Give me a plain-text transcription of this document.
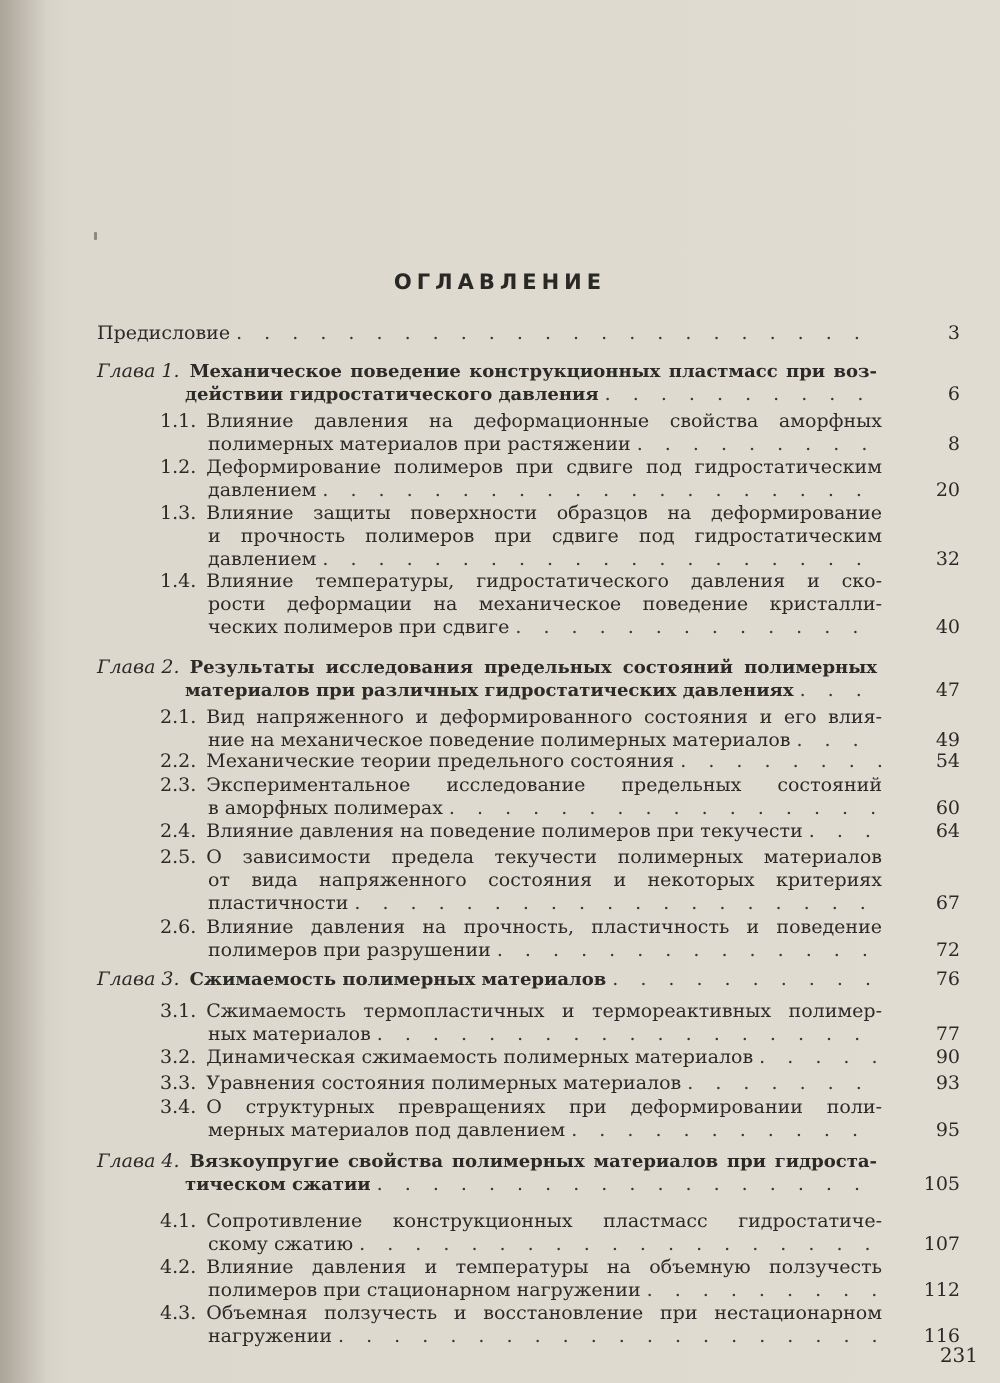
ОГЛАВЛЕНИЕ
Предисловие . . .	3
Глава 1. Механическое поведение конструкционных пластмасс при воз-
действии гидростатического давления . . .	6
1.1. Влияние давления на деформационные свойства аморфных
полимерных материалов при растяжении . . .	8
1.2. Деформирование полимеров при сдвиге под гидростатическим
давлением . . .	20
1.3. Влияние защиты поверхности образцов на деформирование
и прочность полимеров при сдвиге под гидростатическим
давлением . . .	32
1.4. Влияние температуры, гидростатического давления и ско-
рости деформации на механическое поведение кристалли-
ческих полимеров при сдвиге . . .	40
Глава 2. Результаты исследования предельных состояний полимерных
материалов при различных гидростатических давлениях . . .	47
2.1. Вид напряженного и деформированного состояния и его влия-
ние на механическое поведение полимерных материалов . . .	49
2.2. Механические теории предельного состояния . . .	54
2.3. Экспериментальное исследование предельных состояний
в аморфных полимерах . . .	60
2.4. Влияние давления на поведение полимеров при текучести . . .	64
2.5. О зависимости предела текучести полимерных материалов
от вида напряженного состояния и некоторых критериях
пластичности . . .	67
2.6. Влияние давления на прочность, пластичность и поведение
полимеров при разрушении . . .	72
Глава 3. Сжимаемость полимерных материалов . . .	76
3.1. Сжимаемость термопластичных и термореактивных полимер-
ных материалов . . .	77
3.2. Динамическая сжимаемость полимерных материалов . . .	90
3.3. Уравнения состояния полимерных материалов . . .	93
3.4. О структурных превращениях при деформировании поли-
мерных материалов под давлением . . .	95
Глава 4. Вязкоупругие свойства полимерных материалов при гидроста-
тическом сжатии . . .	105
4.1. Сопротивление конструкционных пластмасс гидростатиче-
скому сжатию . . .	107
4.2. Влияние давления и температуры на объемную ползучесть
полимеров при стационарном нагружении . . .	112
4.3. Объемная ползучесть и восстановление при нестационарном
нагружении . . .	116
231
